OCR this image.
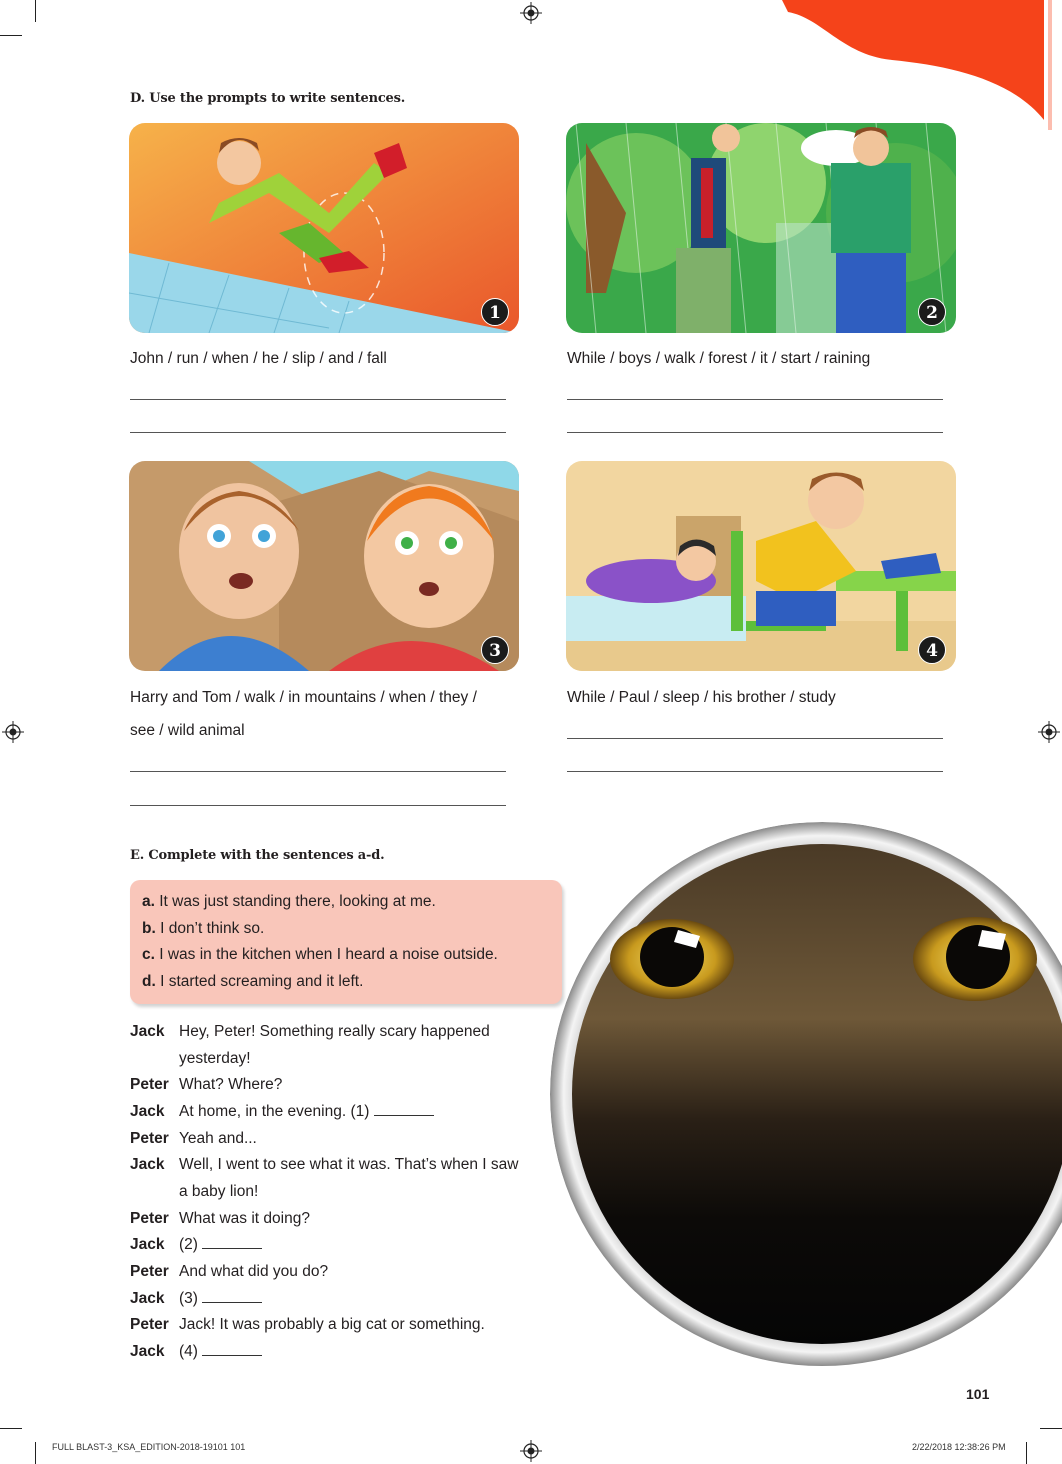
D. Use the prompts to write sentences.
1	2
John / run / when / he / slip / and / fall	While / boys / walk / forest / it / start / raining
3	4
Harry and Tom / walk / in mountains / when / they /
see / wild animal
While / Paul / sleep / his brother / study
E. Complete with the sentences a-d.
a. It was just standing there, looking at me.
b. I don’t think so.
c. I was in the kitchen when I heard a noise outside.
d. I started screaming and it left.
Jack Hey, Peter! Something really scary happened
yesterday!
Peter What? Where?
Jack At home, in the evening. (1)
Peter Yeah and...
Jack Well, I went to see what it was. That’s when I saw
a baby lion!
Peter What was it doing?
Jack (2)
Peter And what did you do?
Jack (3)
Peter Jack! It was probably a big cat or something.
Jack (4)
101
FULL BLAST-3_KSA_EDITION-2018-19101 101	2/22/2018 12:38:26 PM
